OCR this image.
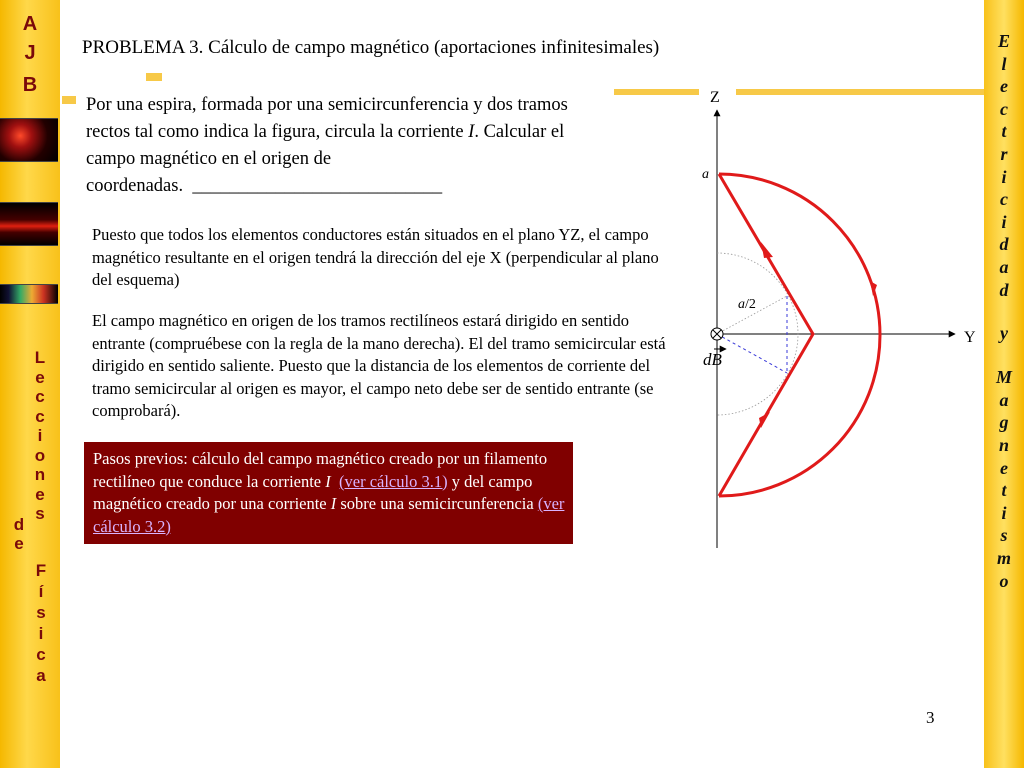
A
J
B
L
e
c
c
i
o
n
e
s
d
e
F
í
s
i
c
a
E
l
e
c
t
r
i
c
i
d
a
d
y
M
a
g
n
e
t
i
s
m
o
PROBLEMA 3. Cálculo de campo magnético (aportaciones infinitesimales)
Por una espira, formada por una semicircunferencia y dos tramos rectos tal como indica la figura, circula la corriente I. Calcular el campo magnético en el origen de coordenadas. ___________________________
Puesto que todos los elementos conductores están situados en el plano YZ, el campo magnético resultante en el origen tendrá la dirección del eje X (perpendicular al plano del esquema)
El campo magnético en origen de los tramos rectilíneos estará dirigido en sentido entrante (compruébese con la regla de la mano derecha). El del tramo semicircular está dirigido en sentido saliente. Puesto que la distancia de los elementos de corriente del tramo semicircular al origen es mayor, el campo neto debe ser de sentido entrante (se comprobará).
Pasos previos: cálculo del campo magnético creado por un filamento rectilíneo que conduce la corriente I (ver cálculo 3.1) y del campo magnético creado por una corriente I sobre una semicircunferencia (ver cálculo 3.2)
Z
Y
a
a/2
dB
3
